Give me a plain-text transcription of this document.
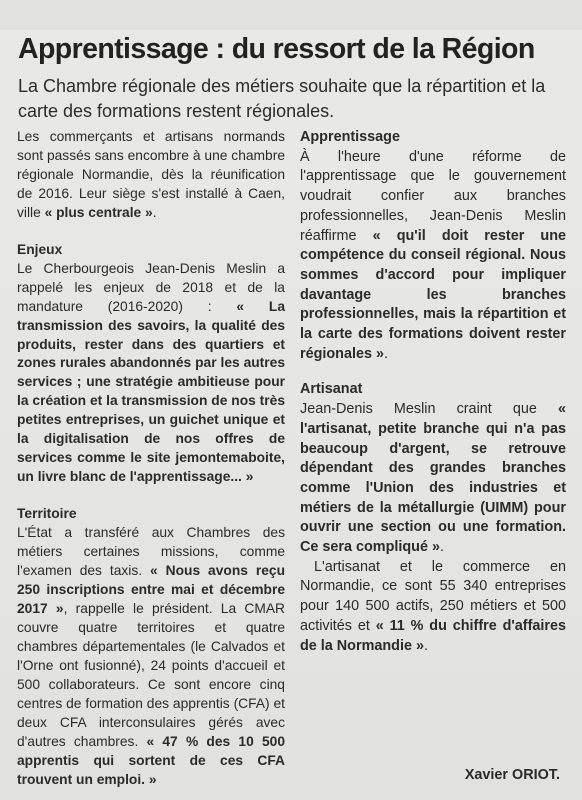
Apprentissage : du ressort de la Région

La Chambre régionale des métiers souhaite que la répartition et la carte des formations restent régionales.

Les commerçants et artisans normands sont passés sans encombre à une chambre régionale Normandie, dès la réunification de 2016. Leur siège s'est installé à Caen, ville « plus centrale ».

Enjeux

Le Cherbourgeois Jean-Denis Meslin a rappelé les enjeux de 2018 et de la mandature (2016-2020) : « La transmission des savoirs, la qualité des produits, rester dans des quartiers et zones rurales abandonnés par les autres services ; une stratégie ambitieuse pour la création et la transmission de nos très petites entreprises, un guichet unique et la digitalisation de nos offres de services comme le site jemontemaboite, un livre blanc de l'apprentissage... »

Territoire

L'État a transféré aux Chambres des métiers certaines missions, comme l'examen des taxis. « Nous avons reçu 250 inscriptions entre mai et décembre 2017 », rappelle le président. La CMAR couvre quatre territoires et quatre chambres départementales (le Calvados et l'Orne ont fusionné), 24 points d'accueil et 500 collaborateurs. Ce sont encore cinq centres de formation des apprentis (CFA) et deux CFA interconsulaires gérés avec d'autres chambres. « 47 % des 10 500 apprentis qui sortent de ces CFA trouvent un emploi. »

Apprentissage

À l'heure d'une réforme de l'apprentissage que le gouvernement voudrait confier aux branches professionnelles, Jean-Denis Meslin réaffirme « qu'il doit rester une compétence du conseil régional. Nous sommes d'accord pour impliquer davantage les branches professionnelles, mais la répartition et la carte des formations doivent rester régionales ».

Artisanat

Jean-Denis Meslin craint que « l'artisanat, petite branche qui n'a pas beaucoup d'argent, se retrouve dépendant des grandes branches comme l'Union des industries et métiers de la métallurgie (UIMM) pour ouvrir une section ou une formation. Ce sera compliqué ».

L'artisanat et le commerce en Normandie, ce sont 55 340 entreprises pour 140 500 actifs, 250 métiers et 500 activités et « 11 % du chiffre d'affaires de la Normandie ».

Xavier ORIOT.
